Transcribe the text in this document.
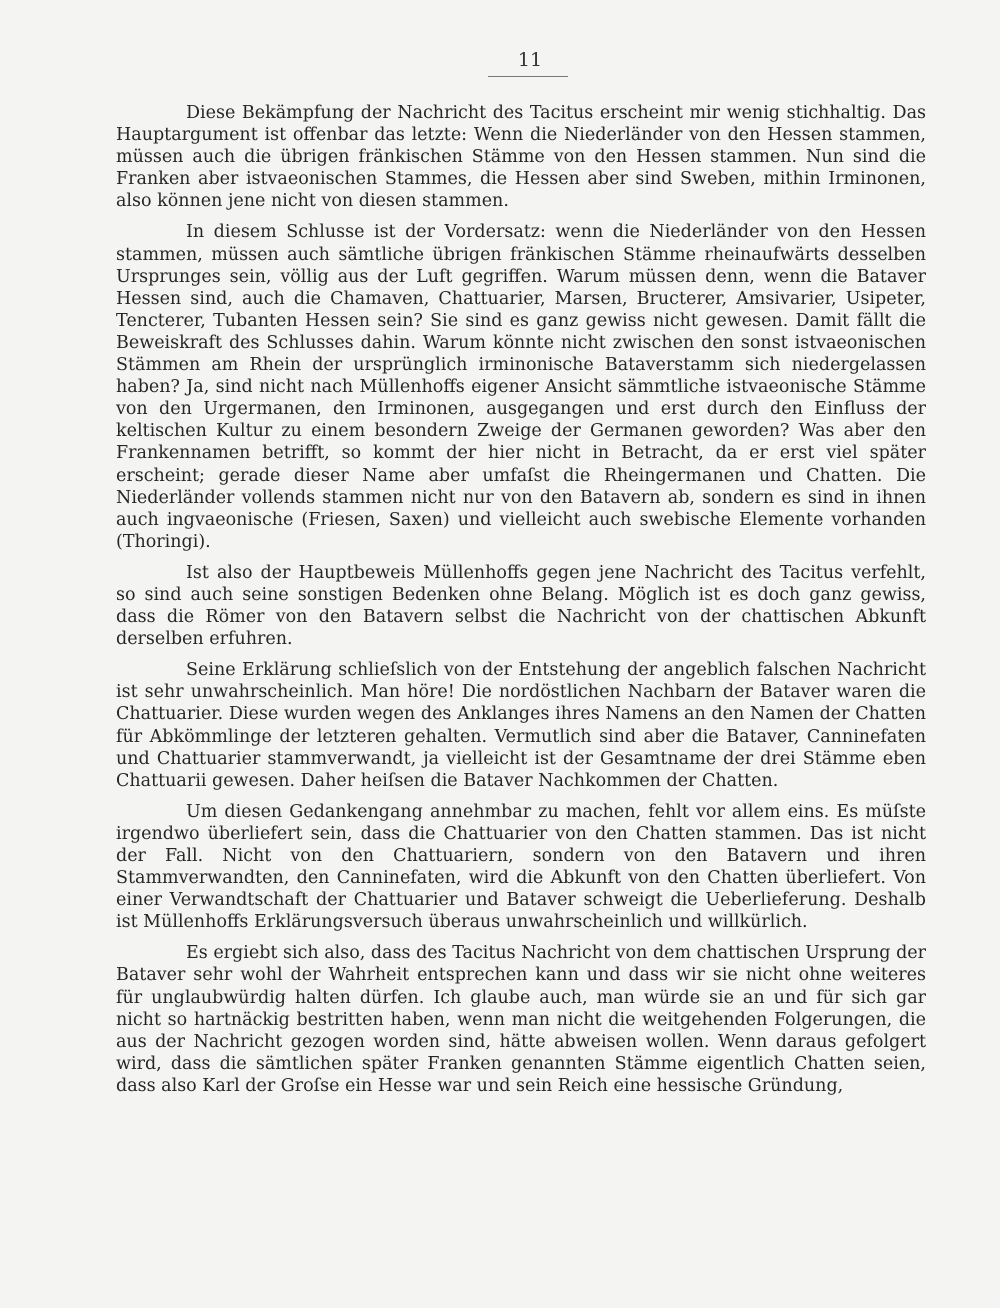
11

Diese Bekämpfung der Nachricht des Tacitus erscheint mir wenig stichhaltig. Das Hauptargument ist offenbar das letzte: Wenn die Niederländer von den Hessen stammen, müssen auch die übrigen fränkischen Stämme von den Hessen stammen. Nun sind die Franken aber istvaeonischen Stammes, die Hessen aber sind Sweben, mithin Irminonen, also können jene nicht von diesen stammen.

In diesem Schlusse ist der Vordersatz: wenn die Niederländer von den Hessen stammen, müssen auch sämtliche übrigen fränkischen Stämme rheinaufwärts desselben Ursprunges sein, völlig aus der Luft gegriffen. Warum müssen denn, wenn die Bataver Hessen sind, auch die Chamaven, Chattuarier, Marsen, Bructerer, Amsivarier, Usipeter, Tencterer, Tubanten Hessen sein? Sie sind es ganz gewiss nicht gewesen. Damit fällt die Beweiskraft des Schlusses dahin. Warum könnte nicht zwischen den sonst istvaeonischen Stämmen am Rhein der ursprünglich irminonische Bataverstamm sich niedergelassen haben? Ja, sind nicht nach Müllenhoffs eigener Ansicht sämmtliche istvaeonische Stämme von den Urgermanen, den Irminonen, ausgegangen und erst durch den Einfluss der keltischen Kultur zu einem besondern Zweige der Germanen geworden? Was aber den Frankennamen betrifft, so kommt der hier nicht in Betracht, da er erst viel später erscheint; gerade dieser Name aber umfaſst die Rheingermanen und Chatten. Die Niederländer vollends stammen nicht nur von den Batavern ab, sondern es sind in ihnen auch ingvaeonische (Friesen, Saxen) und vielleicht auch swebische Elemente vorhanden (Thoringi).

Ist also der Hauptbeweis Müllenhoffs gegen jene Nachricht des Tacitus verfehlt, so sind auch seine sonstigen Bedenken ohne Belang. Möglich ist es doch ganz gewiss, dass die Römer von den Batavern selbst die Nachricht von der chattischen Abkunft derselben erfuhren.

Seine Erklärung schlieſslich von der Entstehung der angeblich falschen Nachricht ist sehr unwahrscheinlich. Man höre! Die nordöstlichen Nachbarn der Bataver waren die Chattuarier. Diese wurden wegen des Anklanges ihres Namens an den Namen der Chatten für Abkömmlinge der letzteren gehalten. Vermutlich sind aber die Bataver, Canninefaten und Chattuarier stammverwandt, ja vielleicht ist der Gesamtname der drei Stämme eben Chattuarii gewesen. Daher heiſsen die Bataver Nachkommen der Chatten.

Um diesen Gedankengang annehmbar zu machen, fehlt vor allem eins. Es müſste irgendwo überliefert sein, dass die Chattuarier von den Chatten stammen. Das ist nicht der Fall. Nicht von den Chattuariern, sondern von den Batavern und ihren Stammverwandten, den Canninefaten, wird die Abkunft von den Chatten überliefert. Von einer Verwandtschaft der Chattuarier und Bataver schweigt die Ueberlieferung. Deshalb ist Müllenhoffs Erklärungsversuch überaus unwahrscheinlich und willkürlich.

Es ergiebt sich also, dass des Tacitus Nachricht von dem chattischen Ursprung der Bataver sehr wohl der Wahrheit entsprechen kann und dass wir sie nicht ohne weiteres für unglaubwürdig halten dürfen. Ich glaube auch, man würde sie an und für sich gar nicht so hartnäckig bestritten haben, wenn man nicht die weitgehenden Folgerungen, die aus der Nachricht gezogen worden sind, hätte abweisen wollen. Wenn daraus gefolgert wird, dass die sämtlichen später Franken genannten Stämme eigentlich Chatten seien, dass also Karl der Groſse ein Hesse war und sein Reich eine hessische Gründung,
